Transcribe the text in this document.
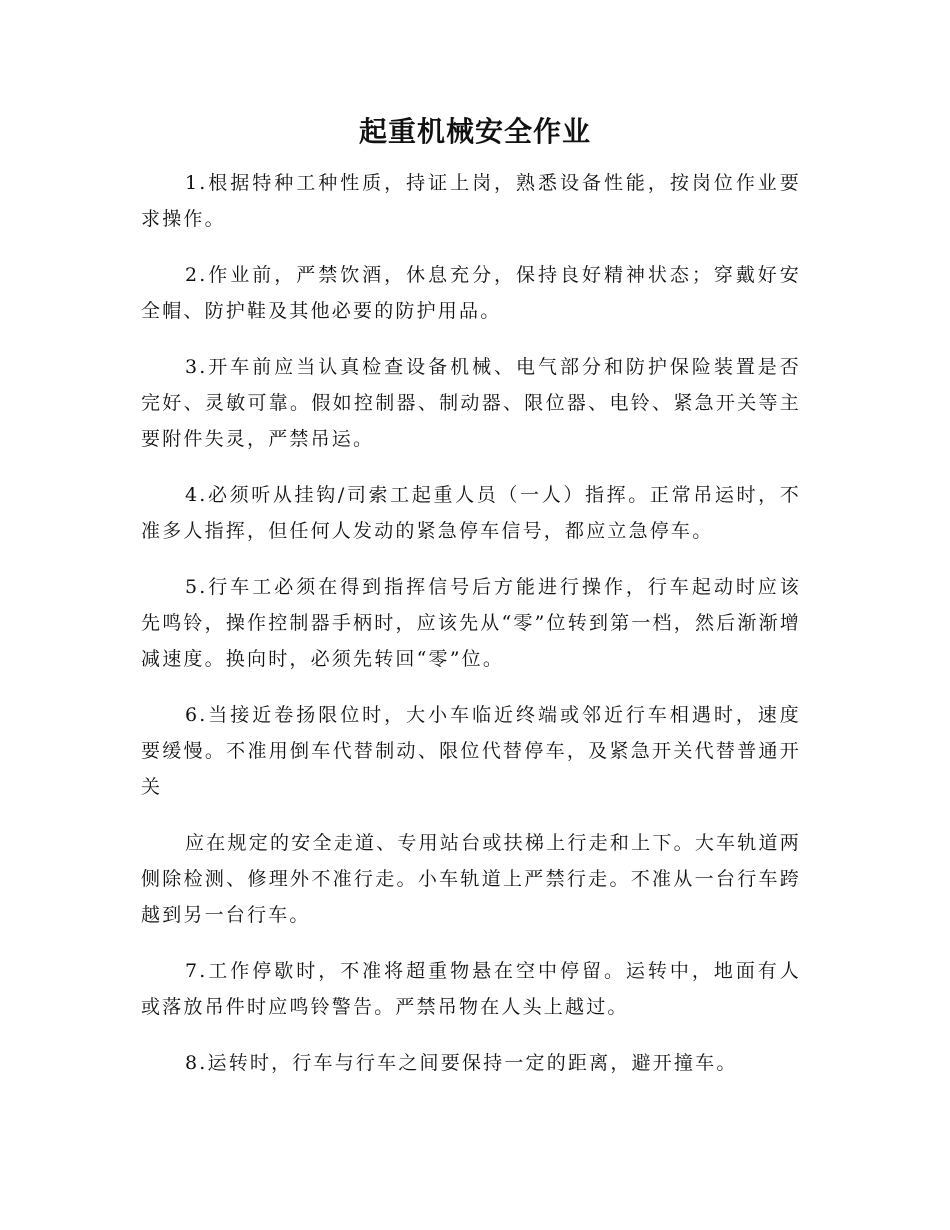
起重机械安全作业

1.根据特种工种性质，持证上岗，熟悉设备性能，按岗位作业要求操作。

2.作业前，严禁饮酒，休息充分，保持良好精神状态；穿戴好安全帽、防护鞋及其他必要的防护用品。

3.开车前应当认真检查设备机械、电气部分和防护保险装置是否完好、灵敏可靠。假如控制器、制动器、限位器、电铃、紧急开关等主要附件失灵，严禁吊运。

4.必须听从挂钩/司索工起重人员（一人）指挥。正常吊运时，不准多人指挥，但任何人发动的紧急停车信号，都应立急停车。

5.行车工必须在得到指挥信号后方能进行操作，行车起动时应该先鸣铃，操作控制器手柄时，应该先从“零”位转到第一档，然后渐渐增减速度。换向时，必须先转回“零”位。

6.当接近卷扬限位时，大小车临近终端或邻近行车相遇时，速度要缓慢。不准用倒车代替制动、限位代替停车，及紧急开关代替普通开关

应在规定的安全走道、专用站台或扶梯上行走和上下。大车轨道两侧除检测、修理外不准行走。小车轨道上严禁行走。不准从一台行车跨越到另一台行车。

7.工作停歇时，不准将超重物悬在空中停留。运转中，地面有人或落放吊件时应鸣铃警告。严禁吊物在人头上越过。

8.运转时，行车与行车之间要保持一定的距离，避开撞车。
